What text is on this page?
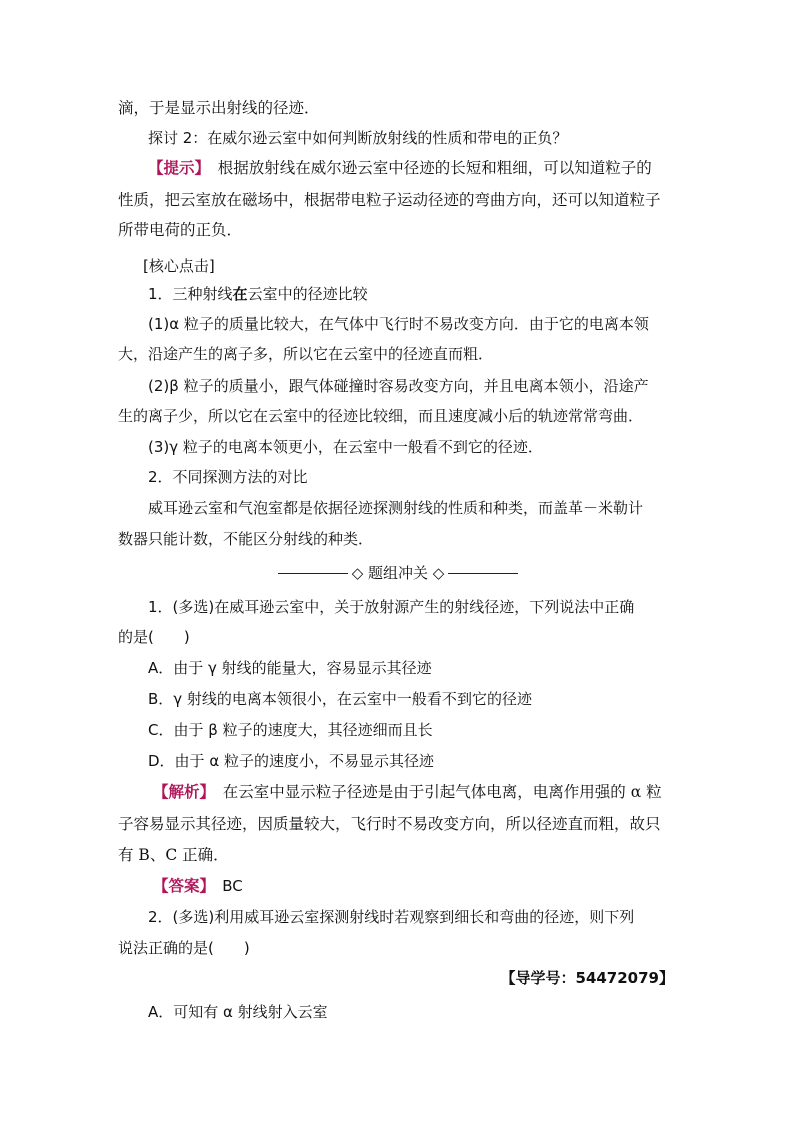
滴，于是显示出射线的径迹．
探讨 2：在威尔逊云室中如何判断放射线的性质和带电的正负？
【提示】　根据放射线在威尔逊云室中径迹的长短和粗细，可以知道粒子的
性质，把云室放在磁场中，根据带电粒子运动径迹的弯曲方向，还可以知道粒子
所带电荷的正负．
[核心点击]
1．三种射线在云室中的径迹比较
(1)α 粒子的质量比较大，在气体中飞行时不易改变方向．由于它的电离本领
大，沿途产生的离子多，所以它在云室中的径迹直而粗．
(2)β 粒子的质量小，跟气体碰撞时容易改变方向，并且电离本领小，沿途产
生的离子少，所以它在云室中的径迹比较细，而且速度减小后的轨迹常常弯曲．
(3)γ 粒子的电离本领更小，在云室中一般看不到它的径迹．
2．不同探测方法的对比
威耳逊云室和气泡室都是依据径迹探测射线的性质和种类，而盖革－米勒计
数器只能计数，不能区分射线的种类．
◇ 题组冲关 ◇
1．(多选)在威耳逊云室中，关于放射源产生的射线径迹，下列说法中正确
的是(　　)
A．由于 γ 射线的能量大，容易显示其径迹
B．γ 射线的电离本领很小，在云室中一般看不到它的径迹
C．由于 β 粒子的速度大，其径迹细而且长
D．由于 α 粒子的速度小，不易显示其径迹
【解析】　在云室中显示粒子径迹是由于引起气体电离，电离作用强的 α 粒
子容易显示其径迹，因质量较大，飞行时不易改变方向，所以径迹直而粗，故只
有 B、C 正确．
【答案】　BC
2．(多选)利用威耳逊云室探测射线时若观察到细长和弯曲的径迹，则下列
说法正确的是(　　)
【导学号：54472079】
A．可知有 α 射线射入云室
